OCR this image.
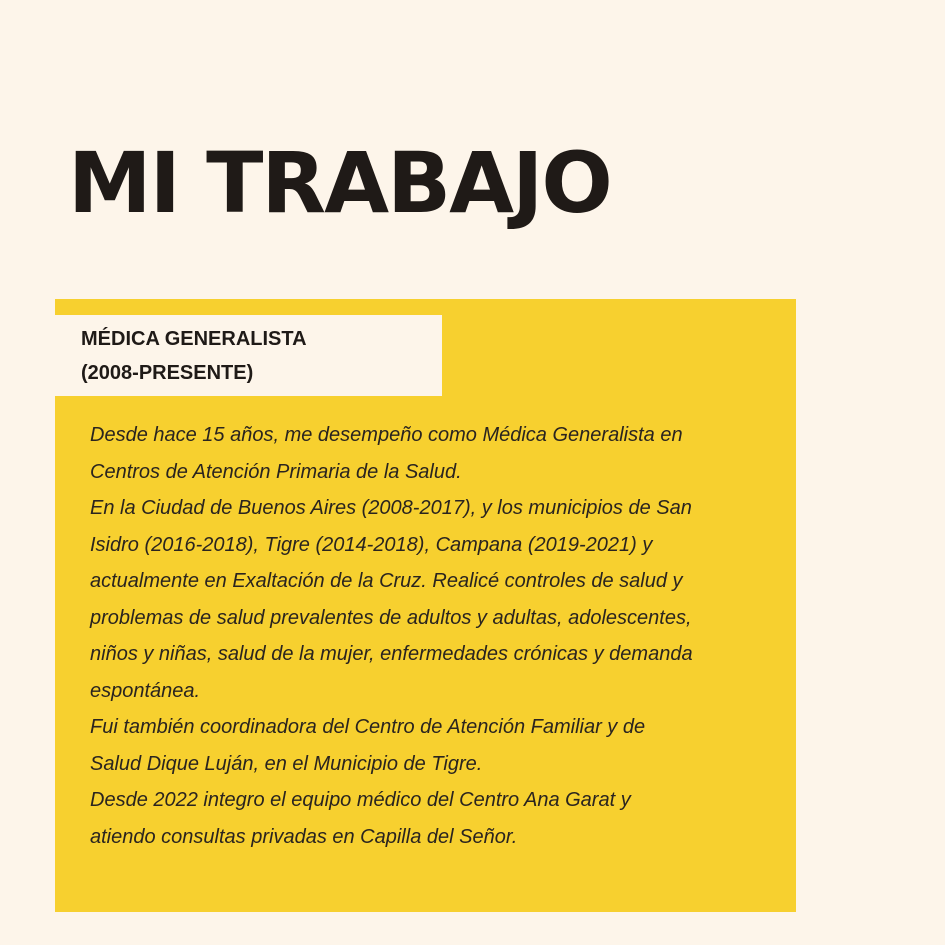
MI TRABAJO
MÉDICA GENERALISTA
(2008-PRESENTE)
Desde hace 15 años, me desempeño como Médica Generalista en
Centros de Atención Primaria de la Salud.
En la Ciudad de Buenos Aires (2008-2017), y los municipios de San
Isidro (2016-2018), Tigre (2014-2018), Campana (2019-2021) y
actualmente en Exaltación de la Cruz. Realicé controles de salud y
problemas de salud prevalentes de adultos y adultas, adolescentes,
niños y niñas, salud de la mujer, enfermedades crónicas y demanda
espontánea.
Fui también coordinadora del Centro de Atención Familiar y de
Salud Dique Luján, en el Municipio de Tigre.
Desde 2022 integro el equipo médico del Centro Ana Garat y
atiendo consultas privadas en Capilla del Señor.
